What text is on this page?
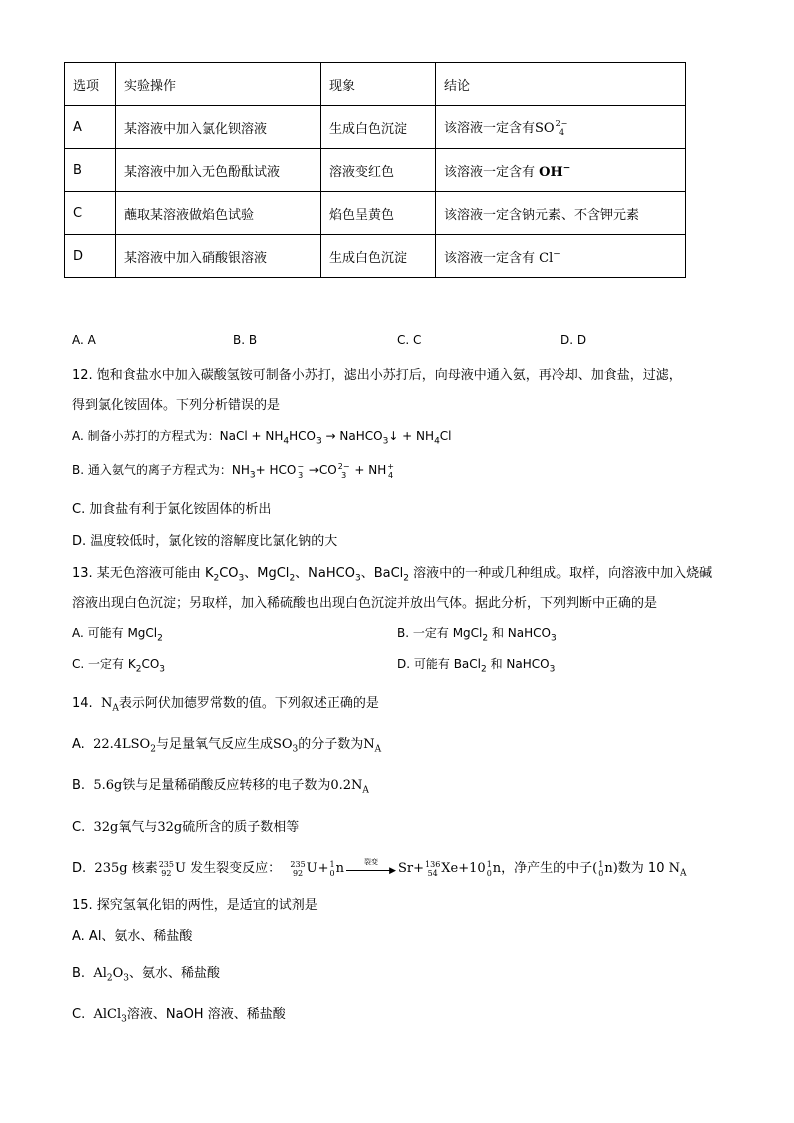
选项	实验操作	现象	结论
A	某溶液中加入氯化钡溶液	生成白色沉淀	该溶液一定含有SO 2−
4

B	某溶液中加入无色酚酞试液	溶液变红色	该溶液一定含有 OH−
C	蘸取某溶液做焰色试验	焰色呈黄色	该溶液一定含钠元素、不含钾元素
D	某溶液中加入硝酸银溶液	生成白色沉淀	该溶液一定含有 Cl−
A. A	B. B	C. C	D. D
12. 饱和食盐水中加入碳酸氢铵可制备小苏打，滤出小苏打后，向母液中通入氨，再冷却、加食盐，过滤，
得到氯化铵固体。下列分析错误的是
A. 制备小苏打的方程式为：NaCl + $NH_4HCO_3$ → NaHCO$_3$↓ + $NH_4Cl$
B. 通入氨气的离子方程式为：$NH_3+$ HCO −
3 →CO 2−
3 + NH +
4
C. 加食盐有利于氯化铵固体的析出
D. 温度较低时，氯化铵的溶解度比氯化钠的大
13. 某无色溶液可能由 $K_2CO_3$、MgCl$_2$、NaHCO$_3$、BaCl$_2$ 溶液中的一种或几种组成。取样，向溶液中加入烧碱
溶液出现白色沉淀；另取样，加入稀硫酸也出现白色沉淀并放出气体。据此分析，下列判断中正确的是
A. 可能有 MgCl$_2$	B. 一定有 MgCl$_2$ 和 NaHCO$_3$
C. 一定有 $K_2CO_3$	D. 可能有 BaCl$_2$ 和 NaHCO$_3$
14.  $N_A$表示阿伏加德罗常数的值。下列叙述正确的是
A.  $22.4LSO_2$与足量氧气反应生成$SO_3$的分子数为$N_A$
B.  5.6g铁与足量稀硝酸反应转移的电子数为$0.2N_A$
C.  32g氧气与32g硫所含的质子数相等
D.  235g 核素 235
92 U 发生裂变反应： 235
92 U+ 1
0 n	裂变
▶ Sr+ 136
54 Xe+10 1
0 n，净产生的中子( 1
0 n)数为 10 $N_A$
15. 探究氢氧化铝的两性，是适宜的试剂是
A. Al、氨水、稀盐酸
B.  $Al_2O_3$、氨水、稀盐酸
C.  AlCl$_3$溶液、NaOH 溶液、稀盐酸
